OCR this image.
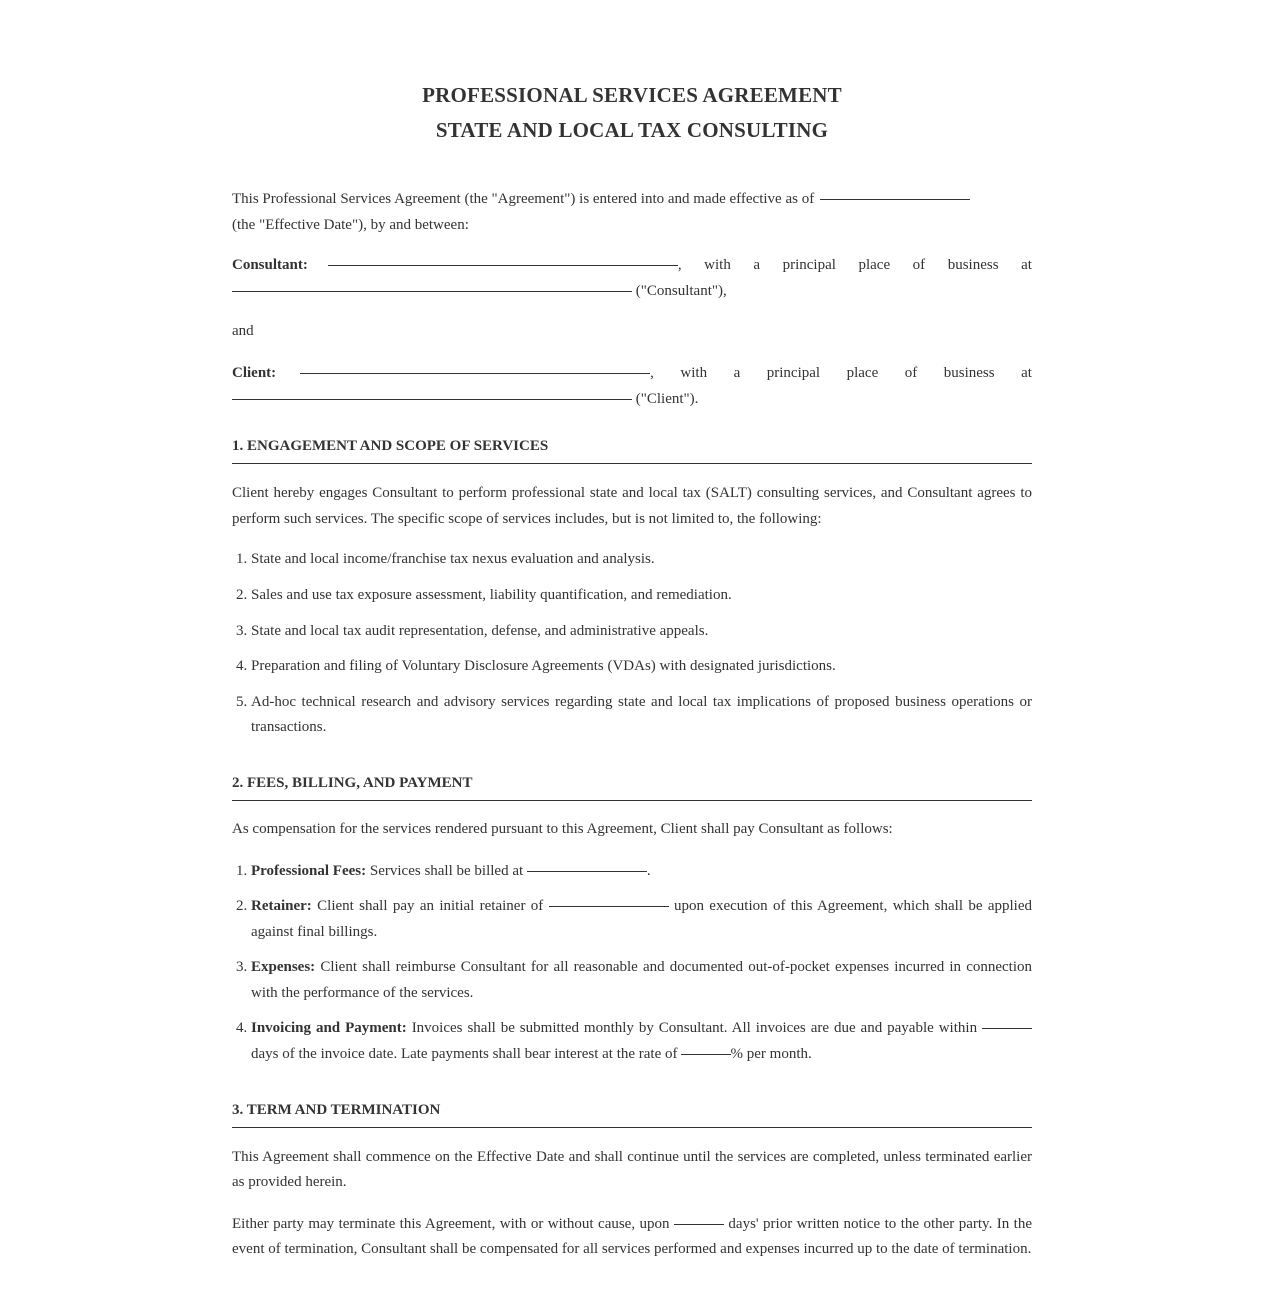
PROFESSIONAL SERVICES AGREEMENT
STATE AND LOCAL TAX CONSULTING

This Professional Services Agreement (the "Agreement") is entered into and made effective as of
(the "Effective Date"), by and between:

Consultant:	, with a principal place of business at
("Consultant"),

and

Client:	, with a principal place of business at
("Client").
1. ENGAGEMENT AND SCOPE OF SERVICES

Client hereby engages Consultant to perform professional state and local tax (SALT) consulting services, and Consultant agrees to perform such services. The specific scope of services includes, but is not limited to, the following:

1. State and local income/franchise tax nexus evaluation and analysis.
2. Sales and use tax exposure assessment, liability quantification, and remediation.
3. State and local tax audit representation, defense, and administrative appeals.
4. Preparation and filing of Voluntary Disclosure Agreements (VDAs) with designated jurisdictions.
5. Ad-hoc technical research and advisory services regarding state and local tax implications of proposed business operations or transactions.
2. FEES, BILLING, AND PAYMENT

As compensation for the services rendered pursuant to this Agreement, Client shall pay Consultant as follows:

1. Professional Fees: Services shall be billed at	.
2. Retainer: Client shall pay an initial retainer of	upon execution of this Agreement, which shall be applied against final billings.
3. Expenses: Client shall reimburse Consultant for all reasonable and documented out-of-pocket expenses incurred in connection with the performance of the services.
4. Invoicing and Payment: Invoices shall be submitted monthly by Consultant. All invoices are due and payable within  days of the invoice date. Late payments shall bear interest at the rate of	% per month.
3. TERM AND TERMINATION

This Agreement shall commence on the Effective Date and shall continue until the services are completed, unless terminated earlier as provided herein.

Either party may terminate this Agreement, with or without cause, upon	days' prior written notice to the other party. In the event of termination, Consultant shall be compensated for all services performed and expenses incurred up to the date of termination.
